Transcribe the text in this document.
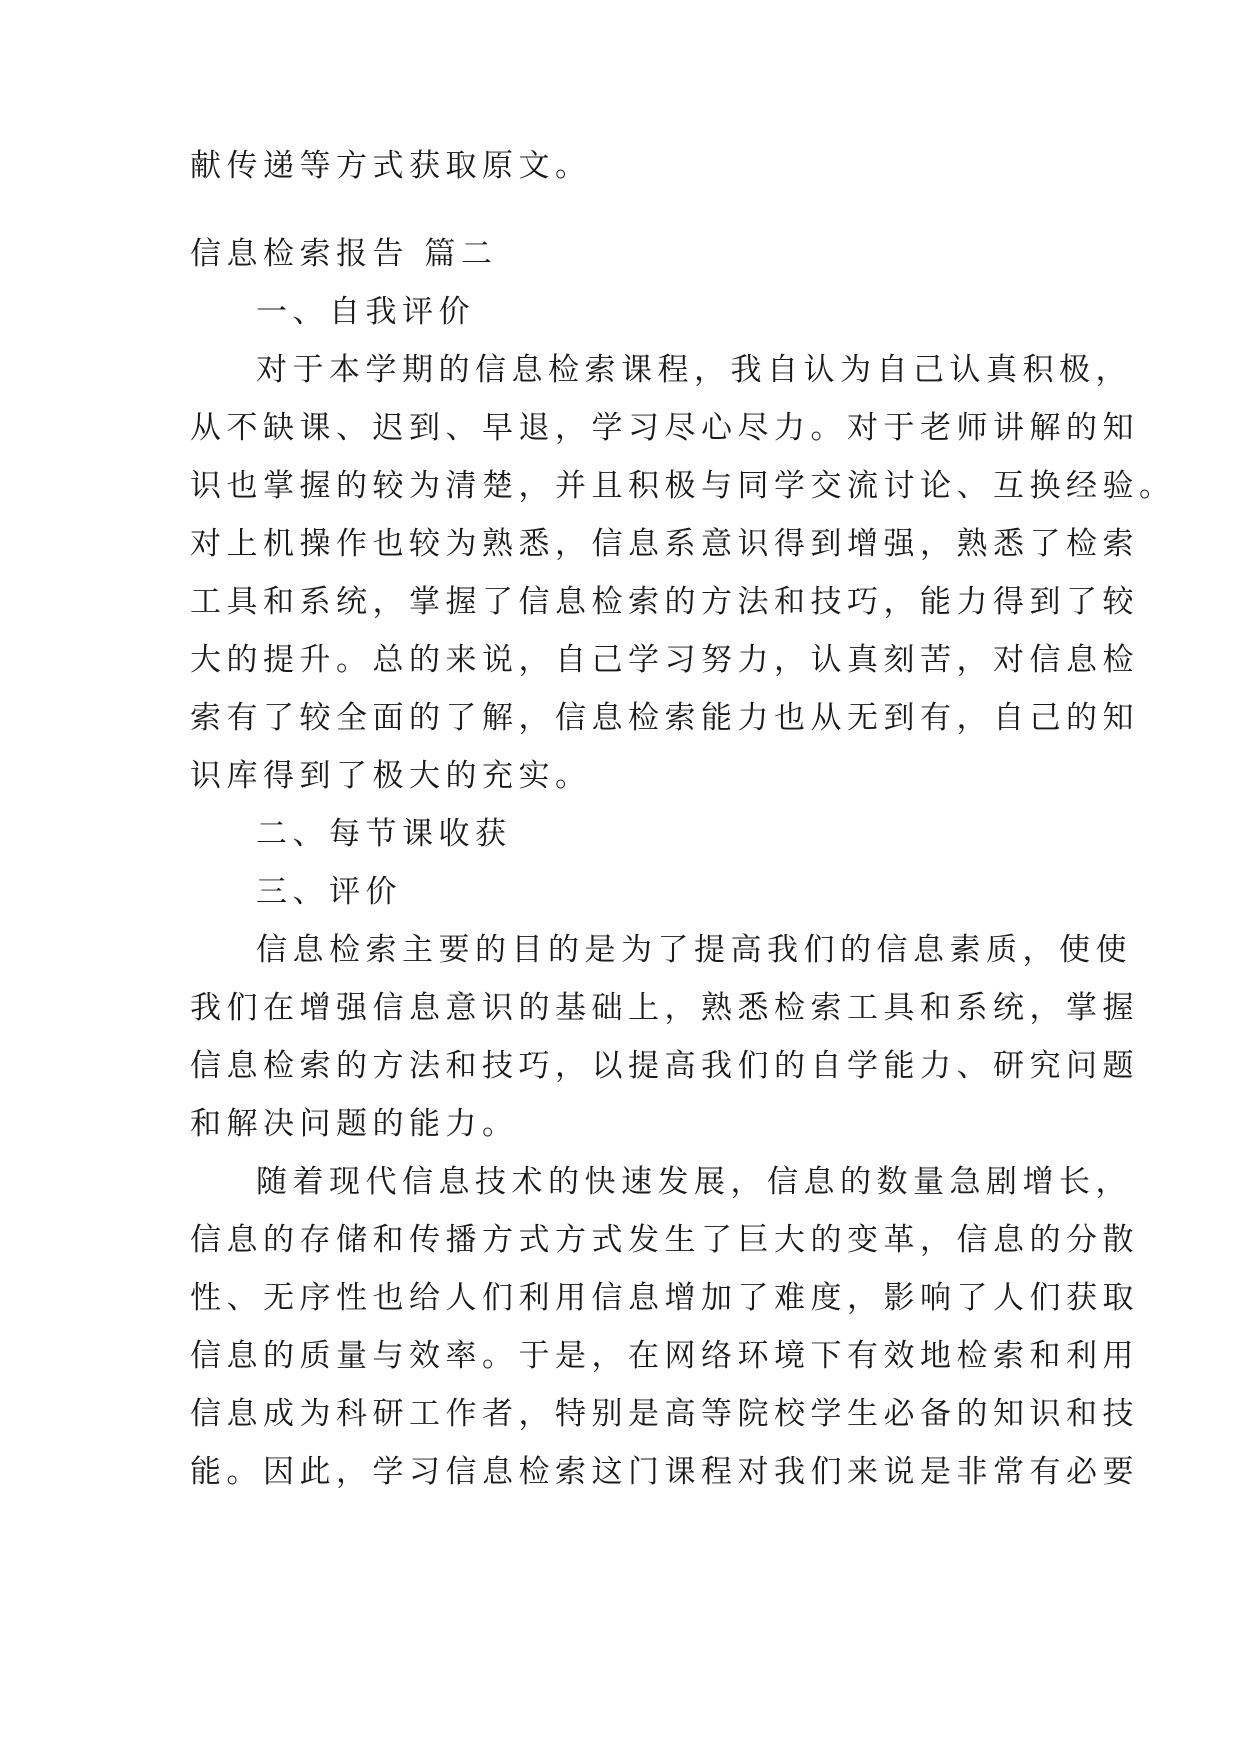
献传递等方式获取原文。
信息检索报告 篇二
一、自我评价
对于本学期的信息检索课程，我自认为自己认真积极，
从不缺课、迟到、早退，学习尽心尽力。对于老师讲解的知
识也掌握的较为清楚，并且积极与同学交流讨论、互换经验。
对上机操作也较为熟悉，信息系意识得到增强，熟悉了检索
工具和系统，掌握了信息检索的方法和技巧，能力得到了较
大的提升。总的来说，自己学习努力，认真刻苦，对信息检
索有了较全面的了解，信息检索能力也从无到有，自己的知
识库得到了极大的充实。
二、每节课收获
三、评价
信息检索主要的目的是为了提高我们的信息素质，使使
我们在增强信息意识的基础上，熟悉检索工具和系统，掌握
信息检索的方法和技巧，以提高我们的自学能力、研究问题
和解决问题的能力。
随着现代信息技术的快速发展，信息的数量急剧增长，
信息的存储和传播方式方式发生了巨大的变革，信息的分散
性、无序性也给人们利用信息增加了难度，影响了人们获取
信息的质量与效率。于是，在网络环境下有效地检索和利用
信息成为科研工作者，特别是高等院校学生必备的知识和技
能。因此，学习信息检索这门课程对我们来说是非常有必要
